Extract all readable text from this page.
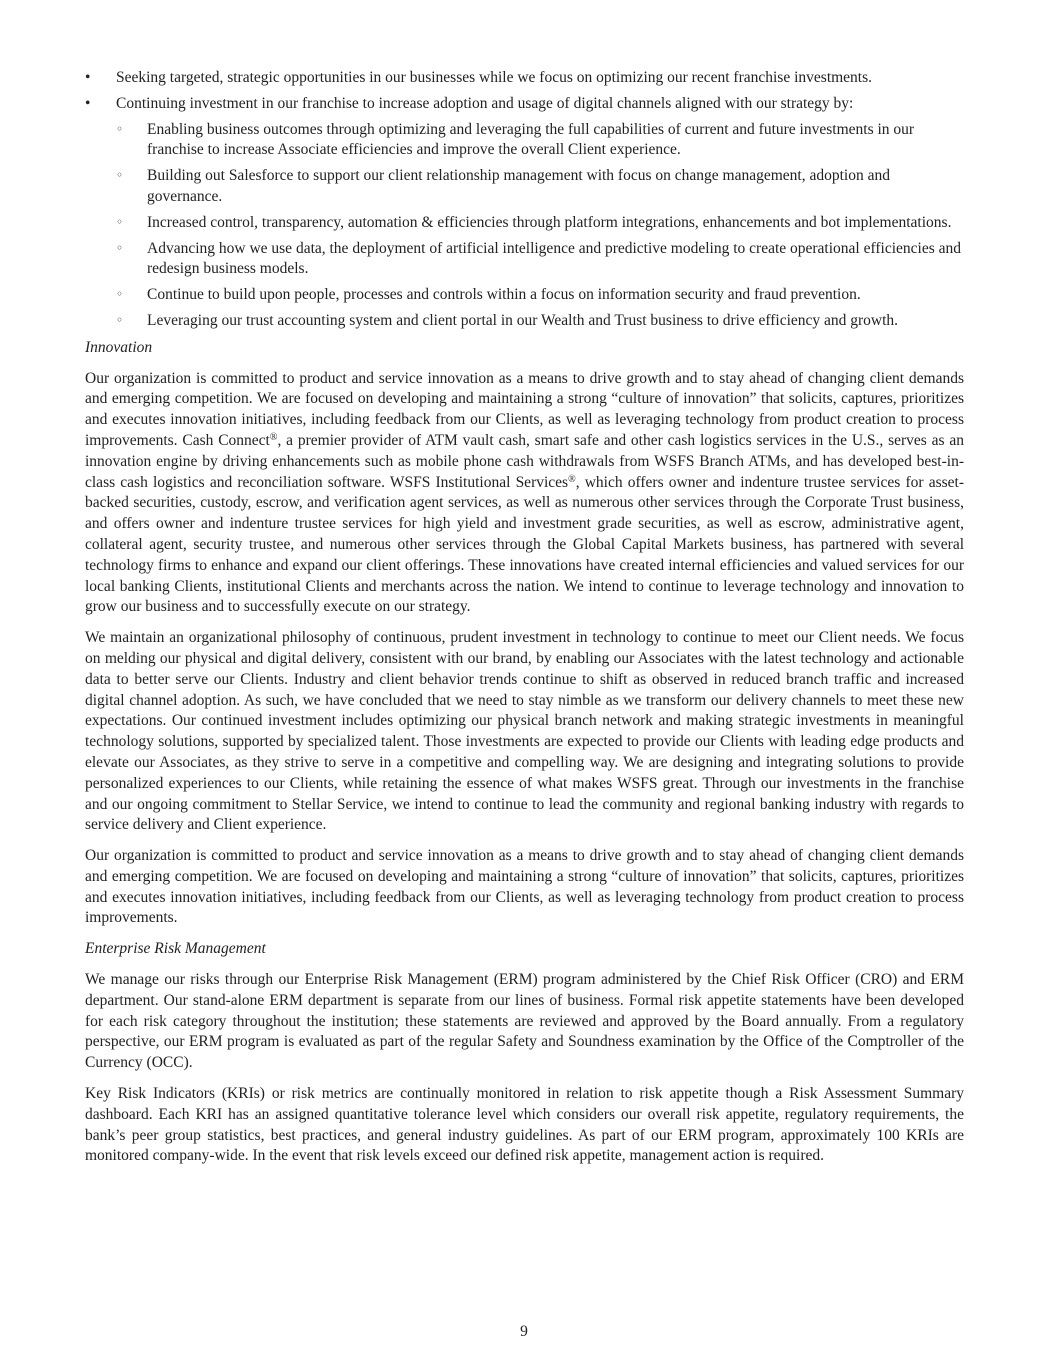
• Seeking targeted, strategic opportunities in our businesses while we focus on optimizing our recent franchise investments.
• Continuing investment in our franchise to increase adoption and usage of digital channels aligned with our strategy by:
◦ Enabling business outcomes through optimizing and leveraging the full capabilities of current and future investments in our franchise to increase Associate efficiencies and improve the overall Client experience.
◦ Building out Salesforce to support our client relationship management with focus on change management, adoption and governance.
◦ Increased control, transparency, automation & efficiencies through platform integrations, enhancements and bot implementations.
◦ Advancing how we use data, the deployment of artificial intelligence and predictive modeling to create operational efficiencies and redesign business models.
◦ Continue to build upon people, processes and controls within a focus on information security and fraud prevention.
◦ Leveraging our trust accounting system and client portal in our Wealth and Trust business to drive efficiency and growth.
Innovation

Our organization is committed to product and service innovation as a means to drive growth and to stay ahead of changing client demands and emerging competition. We are focused on developing and maintaining a strong “culture of innovation” that solicits, captures, prioritizes and executes innovation initiatives, including feedback from our Clients, as well as leveraging technology from product creation to process improvements. Cash Connect®, a premier provider of ATM vault cash, smart safe and other cash logistics services in the U.S., serves as an innovation engine by driving enhancements such as mobile phone cash withdrawals from WSFS Branch ATMs, and has developed best-in-class cash logistics and reconciliation software. WSFS Institutional Services®, which offers owner and indenture trustee services for asset-backed securities, custody, escrow, and verification agent services, as well as numerous other services through the Corporate Trust business, and offers owner and indenture trustee services for high yield and investment grade securities, as well as escrow, administrative agent, collateral agent, security trustee, and numerous other services through the Global Capital Markets business, has partnered with several technology firms to enhance and expand our client offerings. These innovations have created internal efficiencies and valued services for our local banking Clients, institutional Clients and merchants across the nation. We intend to continue to leverage technology and innovation to grow our business and to successfully execute on our strategy.

We maintain an organizational philosophy of continuous, prudent investment in technology to continue to meet our Client needs. We focus on melding our physical and digital delivery, consistent with our brand, by enabling our Associates with the latest technology and actionable data to better serve our Clients. Industry and client behavior trends continue to shift as observed in reduced branch traffic and increased digital channel adoption. As such, we have concluded that we need to stay nimble as we transform our delivery channels to meet these new expectations. Our continued investment includes optimizing our physical branch network and making strategic investments in meaningful technology solutions, supported by specialized talent. Those investments are expected to provide our Clients with leading edge products and elevate our Associates, as they strive to serve in a competitive and compelling way. We are designing and integrating solutions to provide personalized experiences to our Clients, while retaining the essence of what makes WSFS great. Through our investments in the franchise and our ongoing commitment to Stellar Service, we intend to continue to lead the community and regional banking industry with regards to service delivery and Client experience.

Our organization is committed to product and service innovation as a means to drive growth and to stay ahead of changing client demands and emerging competition. We are focused on developing and maintaining a strong “culture of innovation” that solicits, captures, prioritizes and executes innovation initiatives, including feedback from our Clients, as well as leveraging technology from product creation to process improvements.

Enterprise Risk Management

We manage our risks through our Enterprise Risk Management (ERM) program administered by the Chief Risk Officer (CRO) and ERM department. Our stand-alone ERM department is separate from our lines of business. Formal risk appetite statements have been developed for each risk category throughout the institution; these statements are reviewed and approved by the Board annually. From a regulatory perspective, our ERM program is evaluated as part of the regular Safety and Soundness examination by the Office of the Comptroller of the Currency (OCC).

Key Risk Indicators (KRIs) or risk metrics are continually monitored in relation to risk appetite though a Risk Assessment Summary dashboard. Each KRI has an assigned quantitative tolerance level which considers our overall risk appetite, regulatory requirements, the bank’s peer group statistics, best practices, and general industry guidelines. As part of our ERM program, approximately 100 KRIs are monitored company-wide. In the event that risk levels exceed our defined risk appetite, management action is required.

9
